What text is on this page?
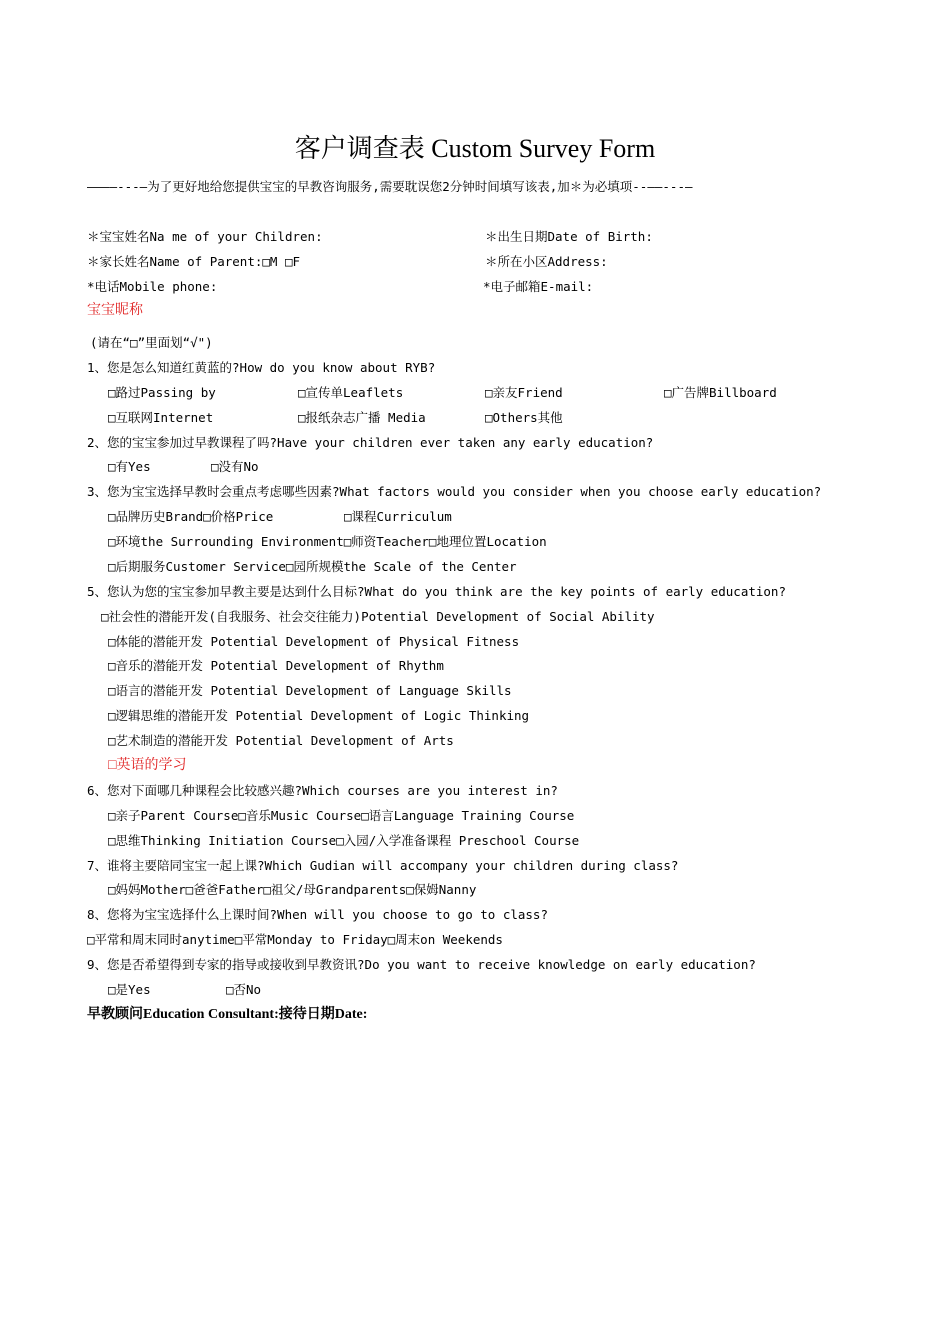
客户调查表 Custom Survey Form
————---—为了更好地给您提供宝宝的早教咨询服务,需要耽误您2分钟时间填写该表,加＊为必填项--——---—
＊宝宝姓名Na me of your Children:	＊出生日期Date of Birth:
＊家长姓名Name of Parent:□M □F	＊所在小区Address:
*电话Mobile phone:	*电子邮箱E-mail:
宝宝昵称
(请在“□”里面划“√")
1、您是怎么知道红黄蓝的?How do you know about RYB?
□路过Passing by	□宣传单Leaflets	□亲友Friend	□广告牌Billboard
□互联网Internet	□报纸杂志广播 Media	□Others其他
2、您的宝宝参加过早教课程了吗?Have your children ever taken any early education?
□有Yes	□没有No
3、您为宝宝选择早教时会重点考虑哪些因素?What factors would you consider when you choose early education?
□品牌历史Brand□价格Price	□课程Curriculum
□环境the Surrounding Environment□师资Teacher□地理位置Location
□后期服务Customer Service□园所规模the Scale of the Center
5、您认为您的宝宝参加早教主要是达到什么目标?What do you think are the key points of early education?
□社会性的潜能开发(自我服务、社会交往能力)Potential Development of Social Ability
□体能的潜能开发 Potential Development of Physical Fitness
□音乐的潜能开发 Potential Development of Rhythm
□语言的潜能开发 Potential Development of Language Skills
□逻辑思维的潜能开发 Potential Development of Logic Thinking
□艺术制造的潜能开发 Potential Development of Arts
□英语的学习
6、您对下面哪几种课程会比较感兴趣?Which courses are you interest in?
□亲子Parent Course□音乐Music Course□语言Language Training Course
□思维Thinking Initiation Course□入园/入学准备课程 Preschool Course
7、谁将主要陪同宝宝一起上课?Which Gudian will accompany your children during class?
□妈妈Mother□爸爸Father□祖父/母Grandparents□保姆Nanny
8、您将为宝宝选择什么上课时间?When will you choose to go to class?
□平常和周末同时anytime□平常Monday to Friday□周末on Weekends
9、您是否希望得到专家的指导或接收到早教资讯?Do you want to receive knowledge on early education?
□是Yes	□否No
早教顾问Education Consultant:接待日期Date:
